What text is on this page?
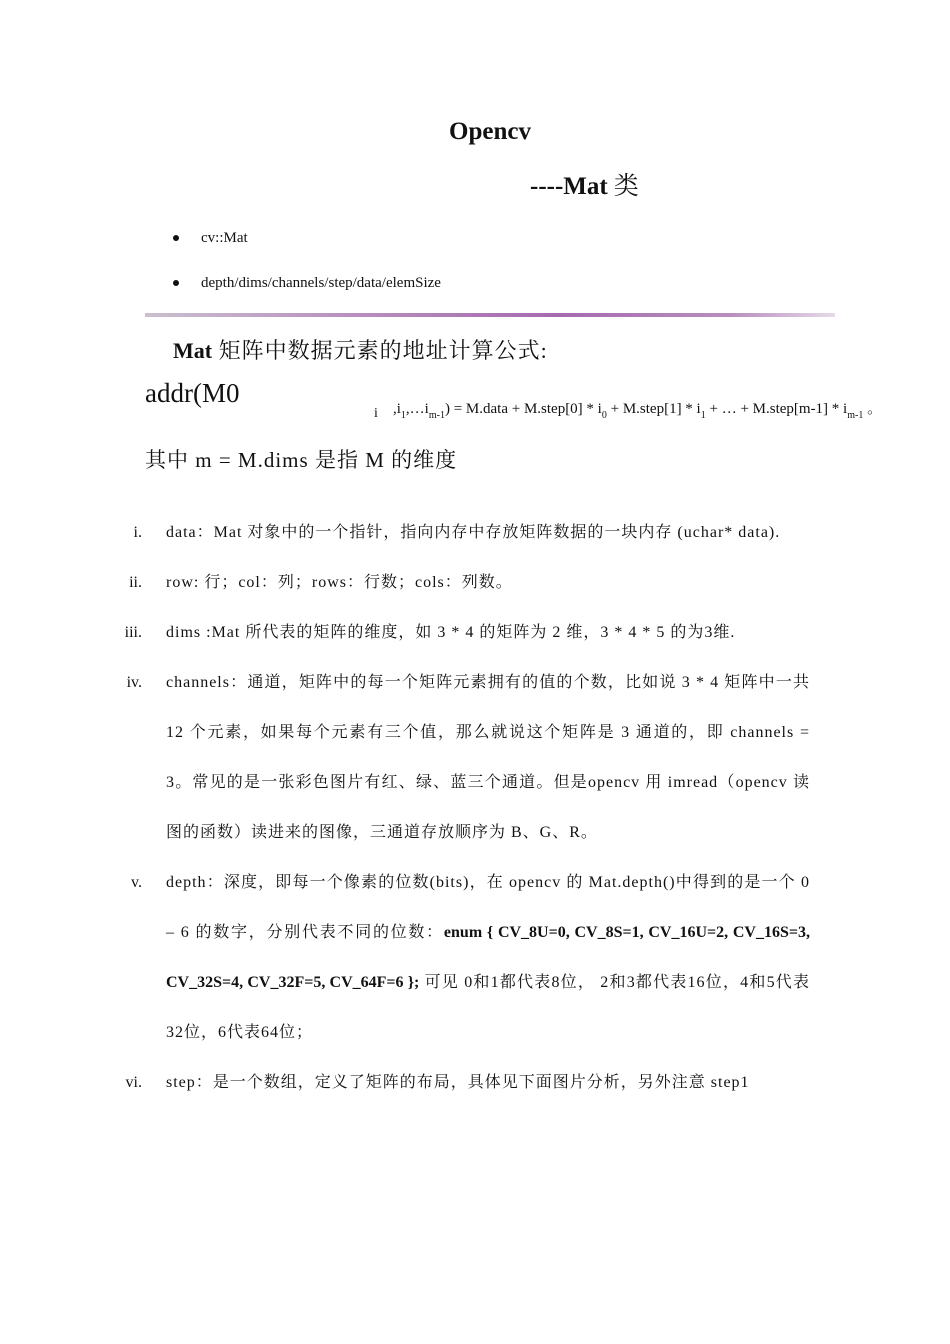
Opencv
----Mat 类
cv::Mat
depth/dims/channels/step/data/elemSize
Mat 矩阵中数据元素的地址计算公式:
addr(M0
i $,i_1,\dots i_{m-1}$) = M.data + M.step[0] * $i_0$ + M.step[1] * $i_1$ + … + M.step[m-1] * $i_{m-1}$ 。
其中 m = M.dims 是指 M 的维度
i. data：Mat 对象中的一个指针，指向内存中存放矩阵数据的一块内存 (uchar* data).
ii. row: 行；col：列；rows：行数；cols：列数。
iii. dims :Mat 所代表的矩阵的维度，如 3 * 4 的矩阵为 2 维，3 * 4 * 5 的为3维.
iv. channels：通道，矩阵中的每一个矩阵元素拥有的值的个数，比如说 3 * 4 矩阵中一共 12 个元素，如果每个元素有三个值，那么就说这个矩阵是 3 通道的，即 channels = 3。常见的是一张彩色图片有红、绿、蓝三个通道。但是opencv 用 imread（opencv 读图的函数）读进来的图像，三通道存放顺序为 B、G、R。
v. depth：深度，即每一个像素的位数(bits)，在 opencv 的 Mat.depth()中得到的是一个 0 – 6 的数字，分别代表不同的位数：enum { CV_8U=0, CV_8S=1, CV_16U=2, CV_16S=3, CV_32S=4, CV_32F=5, CV_64F=6 }; 可见 0和1都代表8位， 2和3都代表16位，4和5代表32位，6代表64位；
vi. step：是一个数组，定义了矩阵的布局，具体见下面图片分析，另外注意 step1
